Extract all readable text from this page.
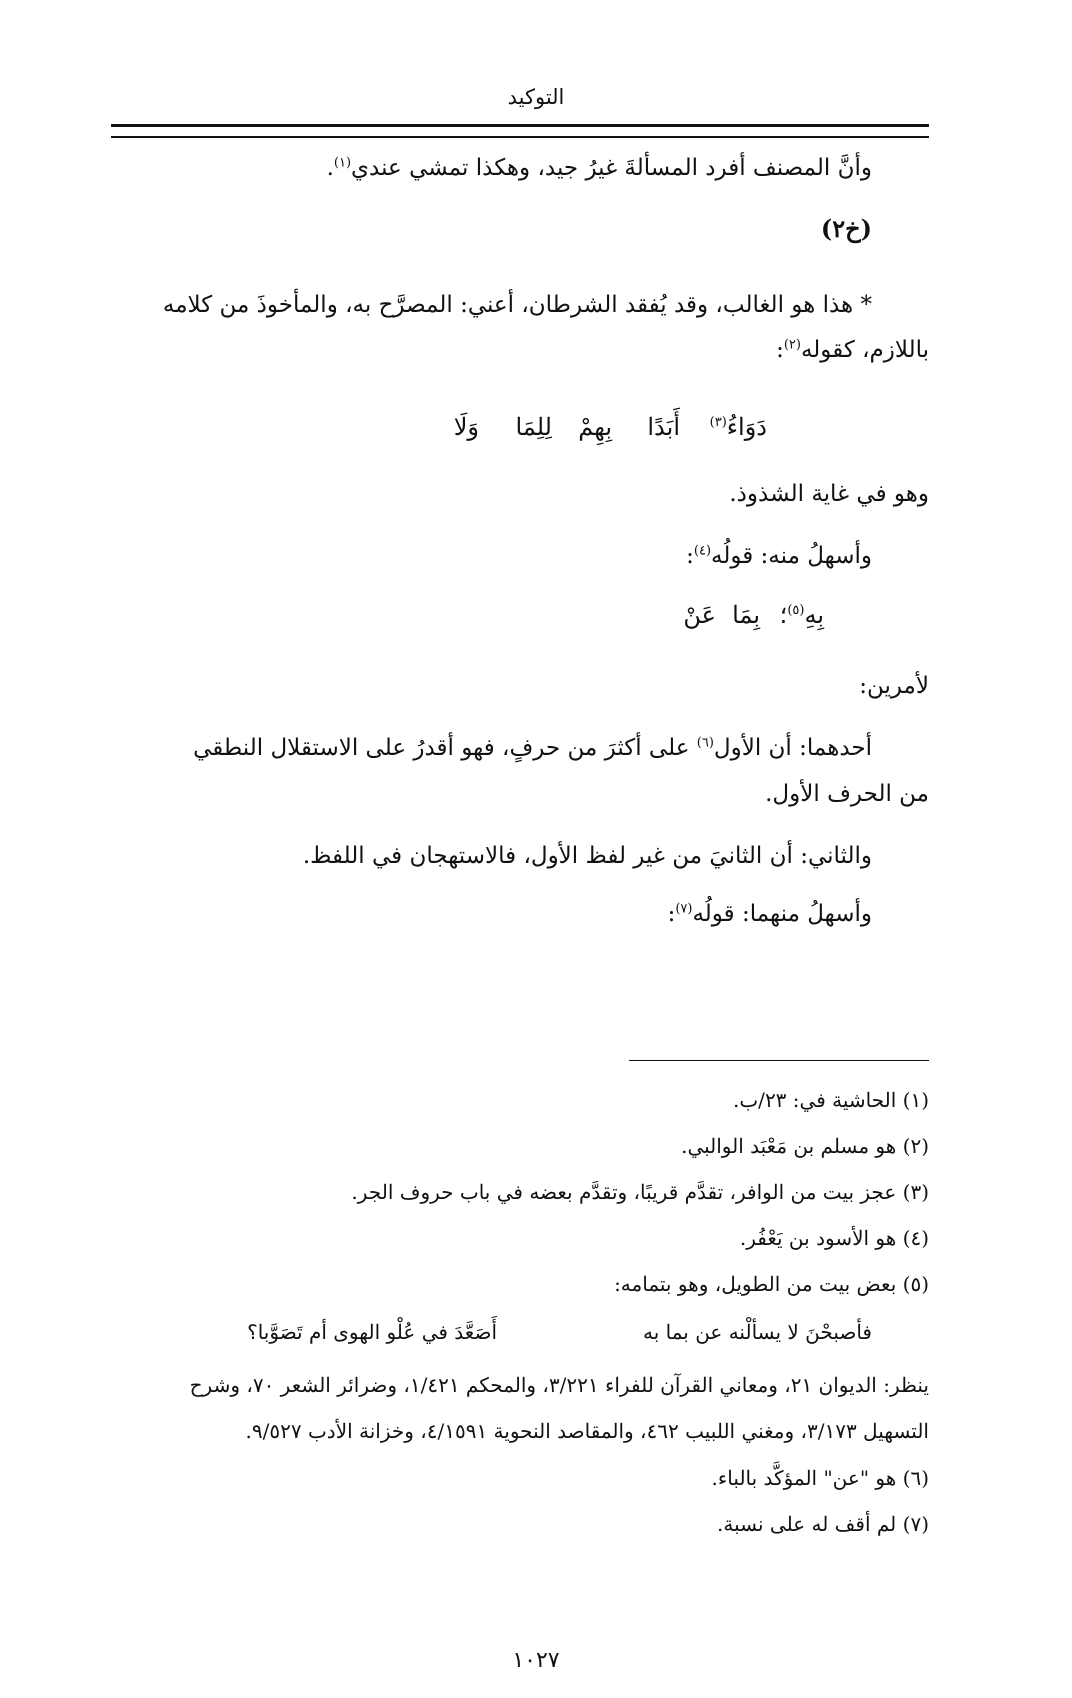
التوكيد
وأنَّ المصنف أفرد المسألةَ غيرُ جيد، وهكذا تمشي عندي$^{(١)}$.
(خ٢)
* هذا هو الغالب، وقد يُفقد الشرطان، أعني: المصرَّح به، والمأخوذَ من كلامه
باللازم، كقوله$^{(٢)}$:
وَلَا لِلِمَا بِهِمْ أَبَدًا	دَوَاءُ$^{(٣)}$
وهو في غاية الشذوذ.
وأسهلُ منه: قولُه$^{(٤)}$:
عَنْ بِمَا	بِهِ$^{(٥)}$؛
لأمرين:
أحدهما: أن الأول$^{(٦)}$ على أكثرَ من حرفٍ، فهو أقدرُ على الاستقلال النطقي
من الحرف الأول.
والثاني: أن الثانيَ من غير لفظ الأول، فالاستهجان في اللفظ.
وأسهلُ منهما: قولُه$^{(٧)}$:
(١) الحاشية في: ٢٣/ب.
(٢) هو مسلم بن مَعْبَد الوالبي.
(٣) عجز بيت من الوافر، تقدَّم قريبًا، وتقدَّم بعضه في باب حروف الجر.
(٤) هو الأسود بن يَعْفُر.
(٥) بعض بيت من الطويل، وهو بتمامه:
فأصبحْنَ لا يسألْنه عن بما به
أَصَعَّدَ في عُلْو الهوى أم تَصَوَّبا؟
ينظر: الديوان ٢١، ومعاني القرآن للفراء ٣/٢٢١، والمحكم ١/٤٢١، وضرائر الشعر ٧٠، وشرح
التسهيل ٣/١٧٣، ومغني اللبيب ٤٦٢، والمقاصد النحوية ٤/١٥٩١، وخزانة الأدب ٩/٥٢٧.
(٦) هو "عن" المؤكَّد بالباء.
(٧) لم أقف له على نسبة.
١٠٢٧
